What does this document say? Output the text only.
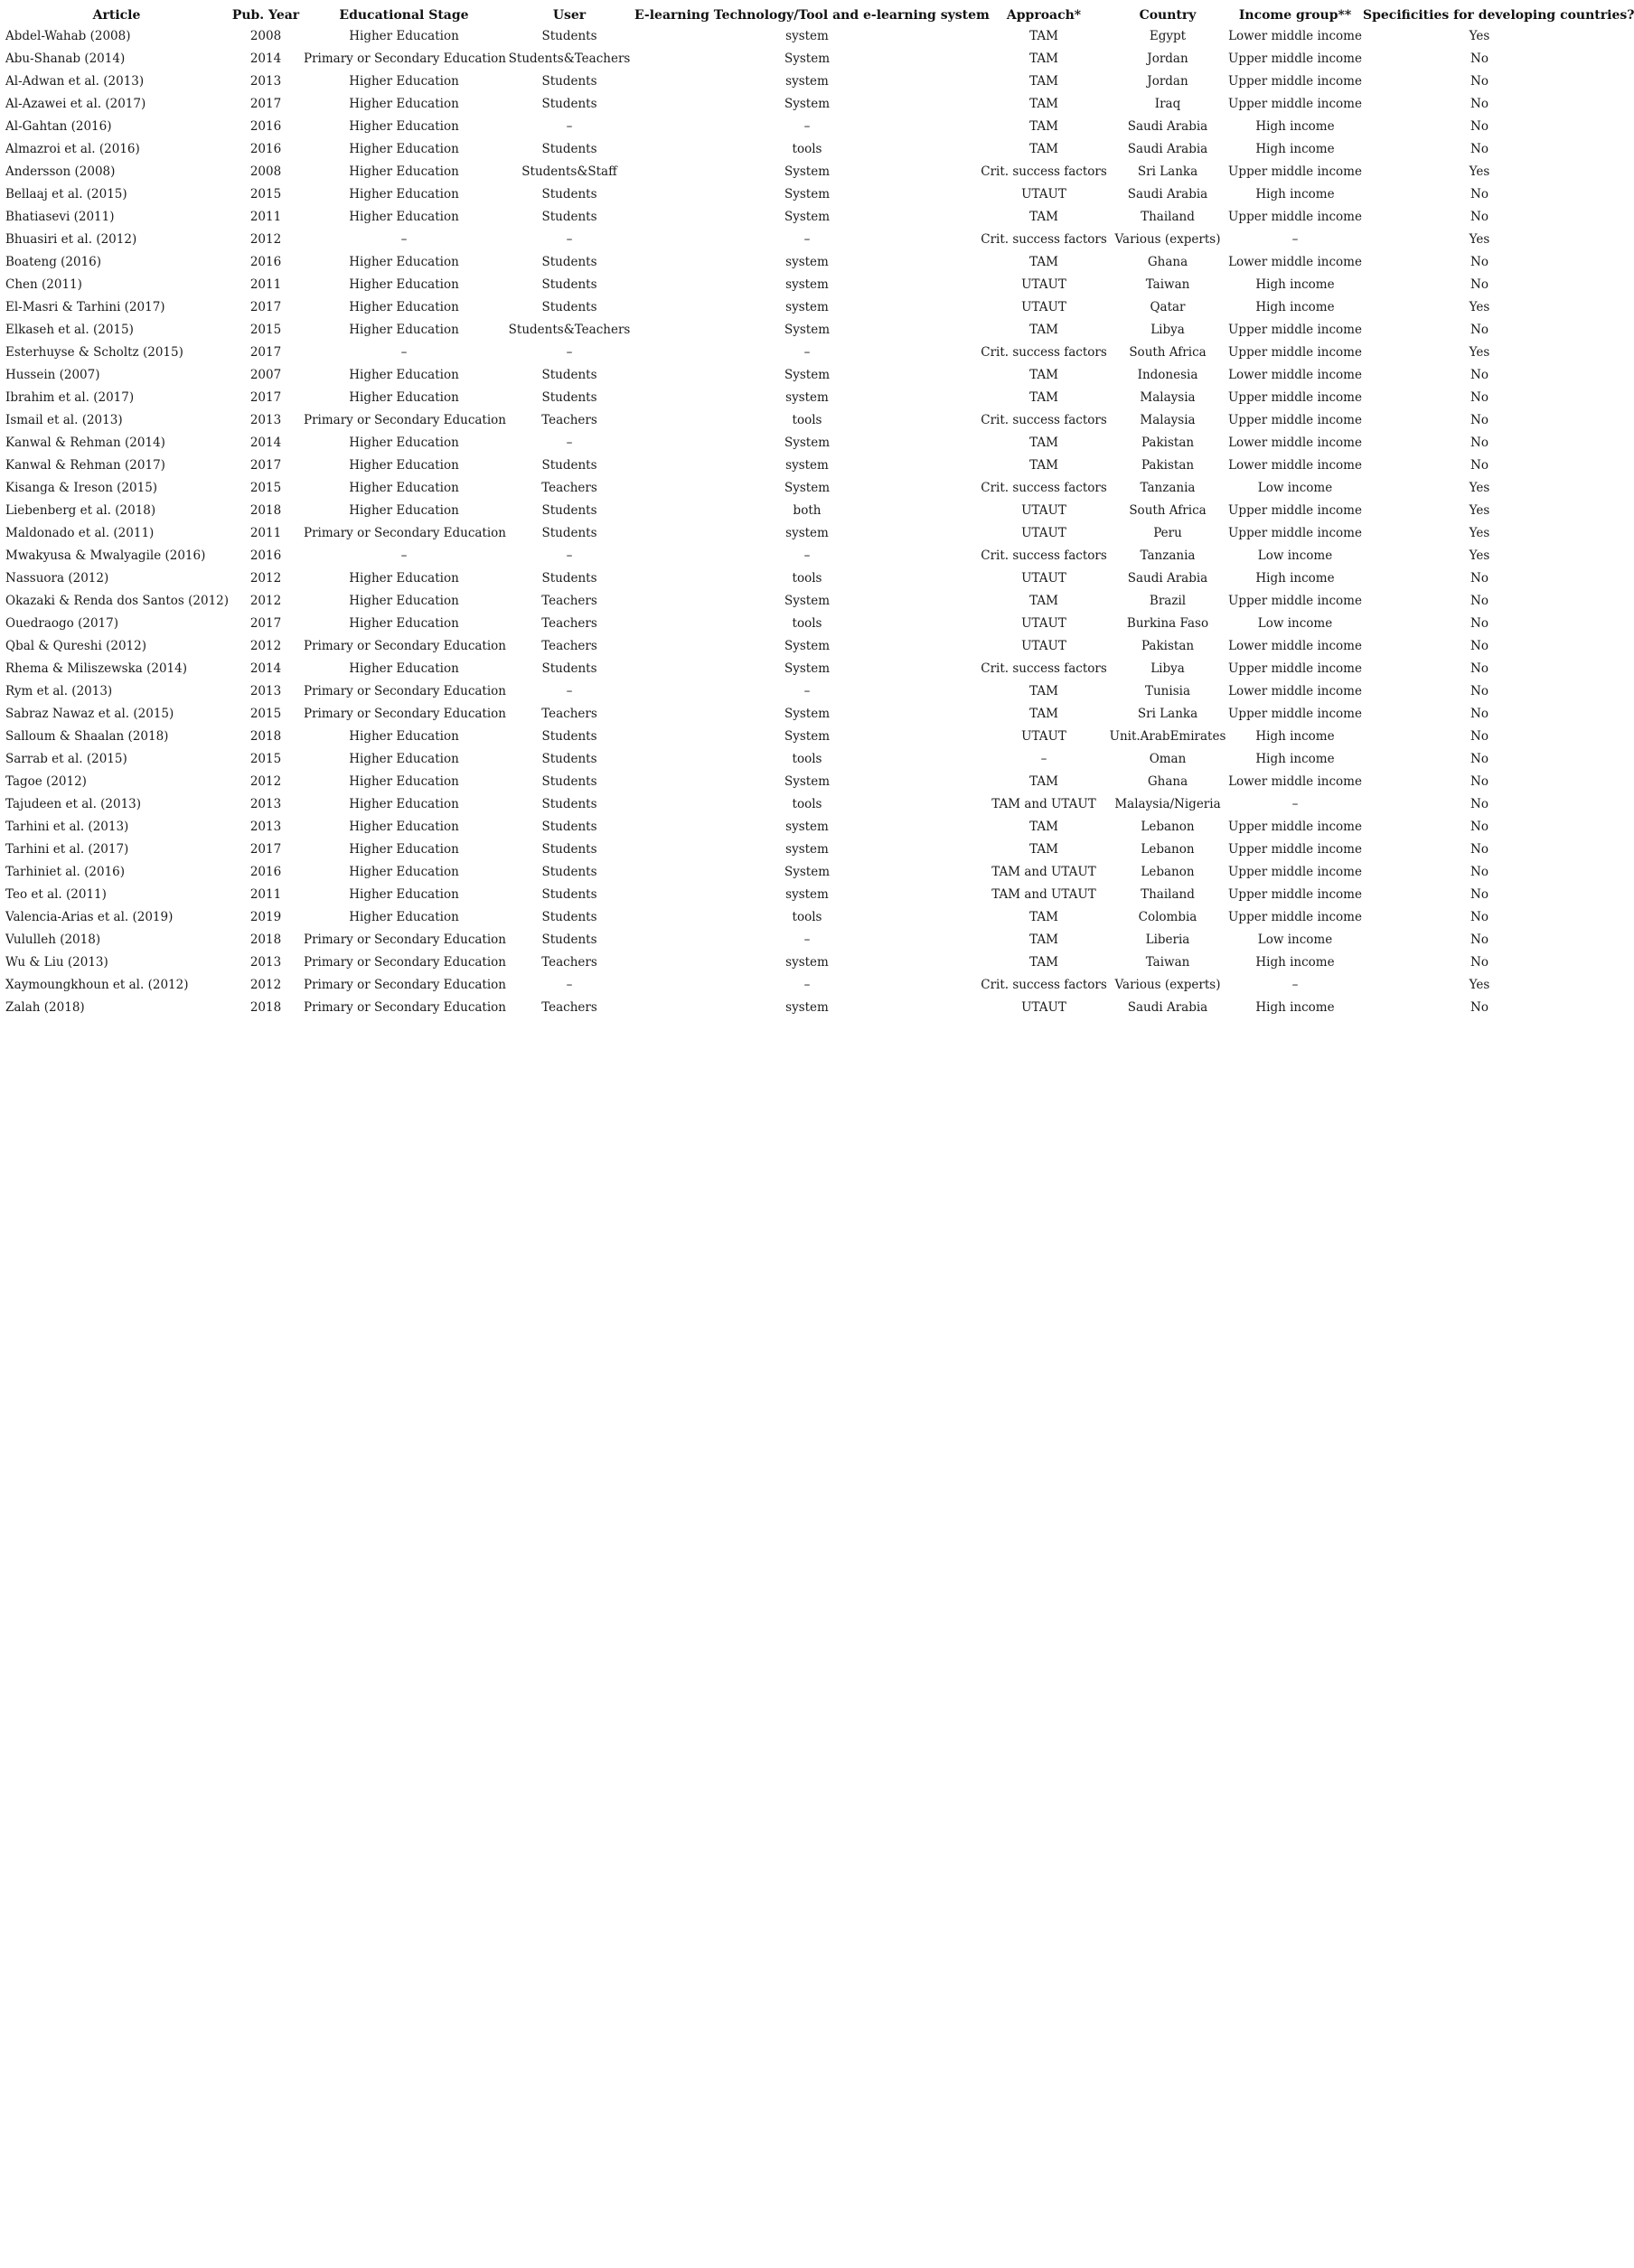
Article	Pub. Year	Educational Stage	User	E-learning Technology/Tool and e-learning system	Approach*	Country	Income group**	Specificities for developing countries?
Abdel-Wahab (2008)	2008	Higher Education	Students	system	TAM	Egypt	Lower middle income	Yes
Abu-Shanab (2014)	2014	Primary or Secondary Education	Students&Teachers	System	TAM	Jordan	Upper middle income	No
Al-Adwan et al. (2013)	2013	Higher Education	Students	system	TAM	Jordan	Upper middle income	No
Al-Azawei et al. (2017)	2017	Higher Education	Students	System	TAM	Iraq	Upper middle income	No
Al-Gahtan (2016)	2016	Higher Education	–	–	TAM	Saudi Arabia	High income	No
Almazroi et al. (2016)	2016	Higher Education	Students	tools	TAM	Saudi Arabia	High income	No
Andersson (2008)	2008	Higher Education	Students&Staff	System	Crit. success factors	Sri Lanka	Upper middle income	Yes
Bellaaj et al. (2015)	2015	Higher Education	Students	System	UTAUT	Saudi Arabia	High income	No
Bhatiasevi (2011)	2011	Higher Education	Students	System	TAM	Thailand	Upper middle income	No
Bhuasiri et al. (2012)	2012	–	–	–	Crit. success factors	Various (experts)	–	Yes
Boateng (2016)	2016	Higher Education	Students	system	TAM	Ghana	Lower middle income	No
Chen (2011)	2011	Higher Education	Students	system	UTAUT	Taiwan	High income	No
El-Masri & Tarhini (2017)	2017	Higher Education	Students	system	UTAUT	Qatar	High income	Yes
Elkaseh et al. (2015)	2015	Higher Education	Students&Teachers	System	TAM	Libya	Upper middle income	No
Esterhuyse & Scholtz (2015)	2017	–	–	–	Crit. success factors	South Africa	Upper middle income	Yes
Hussein (2007)	2007	Higher Education	Students	System	TAM	Indonesia	Lower middle income	No
Ibrahim et al. (2017)	2017	Higher Education	Students	system	TAM	Malaysia	Upper middle income	No
Ismail et al. (2013)	2013	Primary or Secondary Education	Teachers	tools	Crit. success factors	Malaysia	Upper middle income	No
Kanwal & Rehman (2014)	2014	Higher Education	–	System	TAM	Pakistan	Lower middle income	No
Kanwal & Rehman (2017)	2017	Higher Education	Students	system	TAM	Pakistan	Lower middle income	No
Kisanga & Ireson (2015)	2015	Higher Education	Teachers	System	Crit. success factors	Tanzania	Low income	Yes
Liebenberg et al. (2018)	2018	Higher Education	Students	both	UTAUT	South Africa	Upper middle income	Yes
Maldonado et al. (2011)	2011	Primary or Secondary Education	Students	system	UTAUT	Peru	Upper middle income	Yes
Mwakyusa & Mwalyagile (2016)	2016	–	–	–	Crit. success factors	Tanzania	Low income	Yes
Nassuora (2012)	2012	Higher Education	Students	tools	UTAUT	Saudi Arabia	High income	No
Okazaki & Renda dos Santos (2012)	2012	Higher Education	Teachers	System	TAM	Brazil	Upper middle income	No
Ouedraogo (2017)	2017	Higher Education	Teachers	tools	UTAUT	Burkina Faso	Low income	No
Qbal & Qureshi (2012)	2012	Primary or Secondary Education	Teachers	System	UTAUT	Pakistan	Lower middle income	No
Rhema & Miliszewska (2014)	2014	Higher Education	Students	System	Crit. success factors	Libya	Upper middle income	No
Rym et al. (2013)	2013	Primary or Secondary Education	–	–	TAM	Tunisia	Lower middle income	No
Sabraz Nawaz et al. (2015)	2015	Primary or Secondary Education	Teachers	System	TAM	Sri Lanka	Upper middle income	No
Salloum & Shaalan (2018)	2018	Higher Education	Students	System	UTAUT	Unit.ArabEmirates	High income	No
Sarrab et al. (2015)	2015	Higher Education	Students	tools	–	Oman	High income	No
Tagoe (2012)	2012	Higher Education	Students	System	TAM	Ghana	Lower middle income	No
Tajudeen et al. (2013)	2013	Higher Education	Students	tools	TAM and UTAUT	Malaysia/Nigeria	–	No
Tarhini et al. (2013)	2013	Higher Education	Students	system	TAM	Lebanon	Upper middle income	No
Tarhini et al. (2017)	2017	Higher Education	Students	system	TAM	Lebanon	Upper middle income	No
Tarhiniet al. (2016)	2016	Higher Education	Students	System	TAM and UTAUT	Lebanon	Upper middle income	No
Teo et al. (2011)	2011	Higher Education	Students	system	TAM and UTAUT	Thailand	Upper middle income	No
Valencia-Arias et al. (2019)	2019	Higher Education	Students	tools	TAM	Colombia	Upper middle income	No
Vululleh (2018)	2018	Primary or Secondary Education	Students	–	TAM	Liberia	Low income	No
Wu & Liu (2013)	2013	Primary or Secondary Education	Teachers	system	TAM	Taiwan	High income	No
Xaymoungkhoun et al. (2012)	2012	Primary or Secondary Education	–	–	Crit. success factors	Various (experts)	–	Yes
Zalah (2018)	2018	Primary or Secondary Education	Teachers	system	UTAUT	Saudi Arabia	High income	No
